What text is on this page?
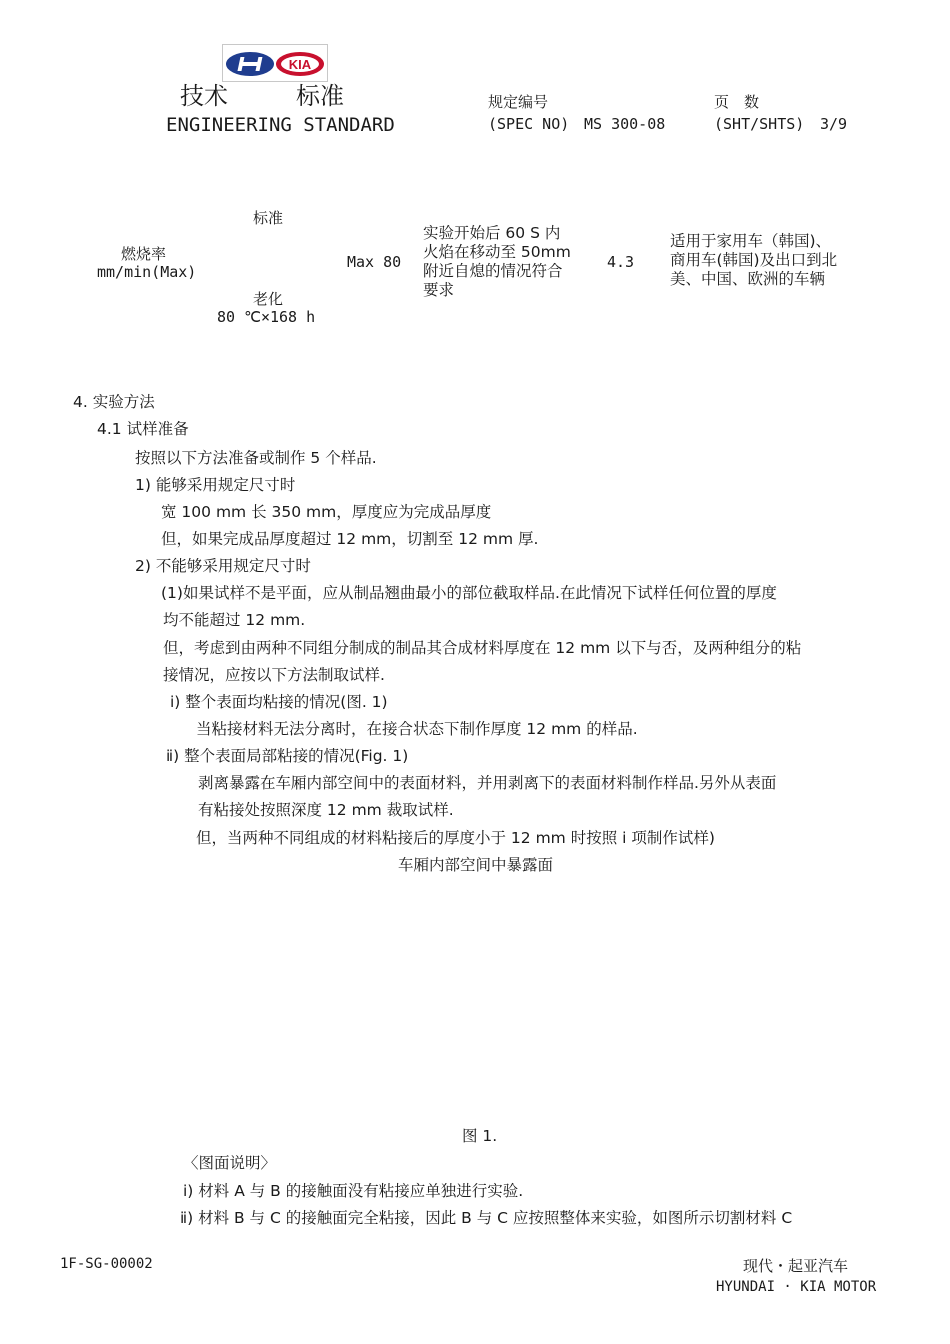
KIA
技术	标准
ENGINEERING STANDARD
规定编号
(SPEC NO) MS 300-08
页　数
(SHT/SHTS) 3/9
标准
燃烧率
mm/min(Max)
老化
80 ℃×168 h
Max 80
实验开始后 60 S 内
火焰在移动至 50mm
附近自熄的情况符合
要求
4.3
适用于家用车（韩国)、
商用车(韩国)及出口到北
美、中国、欧洲的车辆
4. 实验方法
4.1 试样准备
按照以下方法准备或制作 5 个样品.
1) 能够采用规定尺寸时
宽 100 mm 长 350 mm，厚度应为完成品厚度
但，如果完成品厚度超过 12 mm，切割至 12 mm 厚.
2) 不能够采用规定尺寸时
(1)如果试样不是平面，应从制品翘曲最小的部位截取样品.在此情况下试样任何位置的厚度
均不能超过 12 mm.
但，考虑到由两种不同组分制成的制品其合成材料厚度在 12 mm 以下与否，及两种组分的粘
接情况，应按以下方法制取试样.
ⅰ) 整个表面均粘接的情况(图. 1)
当粘接材料无法分离时，在接合状态下制作厚度 12 mm 的样品.
ⅱ) 整个表面局部粘接的情况(Fig. 1)
剥离暴露在车厢内部空间中的表面材料，并用剥离下的表面材料制作样品.另外从表面
有粘接处按照深度 12 mm 裁取试样.
但，当两种不同组成的材料粘接后的厚度小于 12 mm 时按照 i 项制作试样)
车厢内部空间中暴露面
图 1.
〈图面说明〉
ⅰ) 材料 A 与 B 的接触面没有粘接应单独进行实验.
ⅱ) 材料 B 与 C 的接触面完全粘接，因此 B 与 C 应按照整体来实验，如图所示切割材料 C
1F-SG-00002	现代・起亚汽车
HYUNDAI · KIA MOTOR
